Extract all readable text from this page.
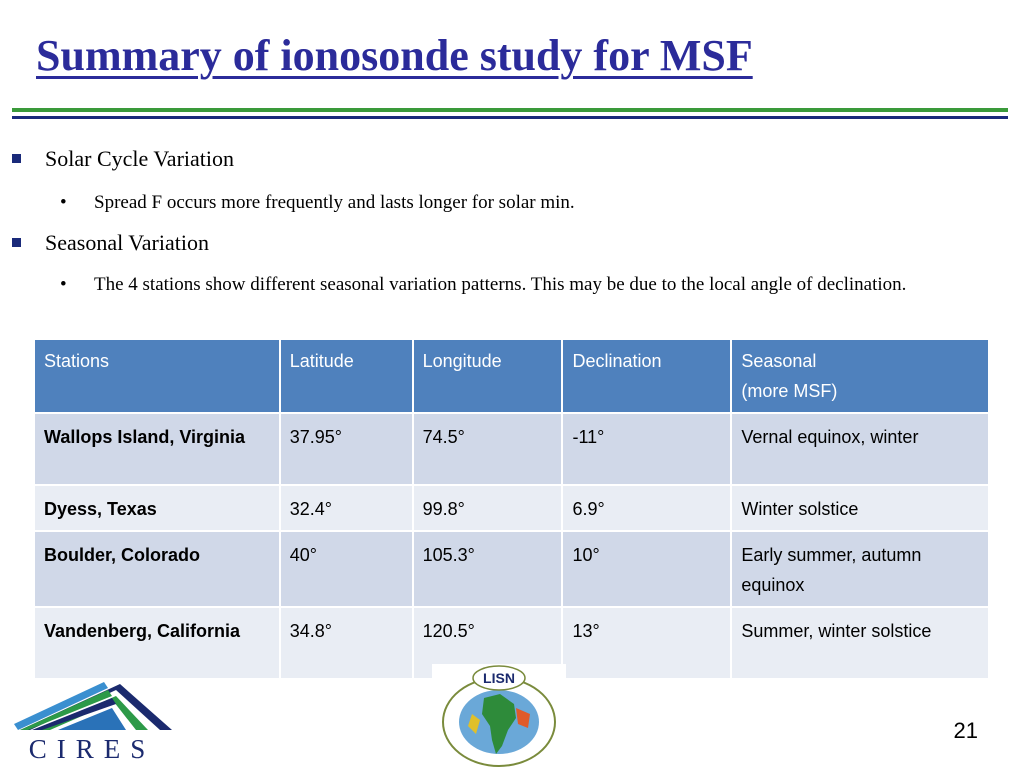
Summary of ionosonde study for MSF
Solar Cycle Variation
• Spread F occurs more frequently and lasts longer for solar min.
Seasonal Variation
• The 4 stations show different seasonal variation patterns. This may be due to the local angle of declination.
Stations	Latitude	Longitude	Declination	Seasonal
(more MSF)
Wallops Island, Virginia	37.95°	74.5°	-11°	Vernal equinox, winter
Dyess, Texas	32.4°	99.8°	6.9°	Winter solstice
Boulder, Colorado	40°	105.3°	10°	Early summer, autumn equinox
Vandenberg, California	34.8°	120.5°	13°	Summer, winter solstice
CIRES
LISN
21
